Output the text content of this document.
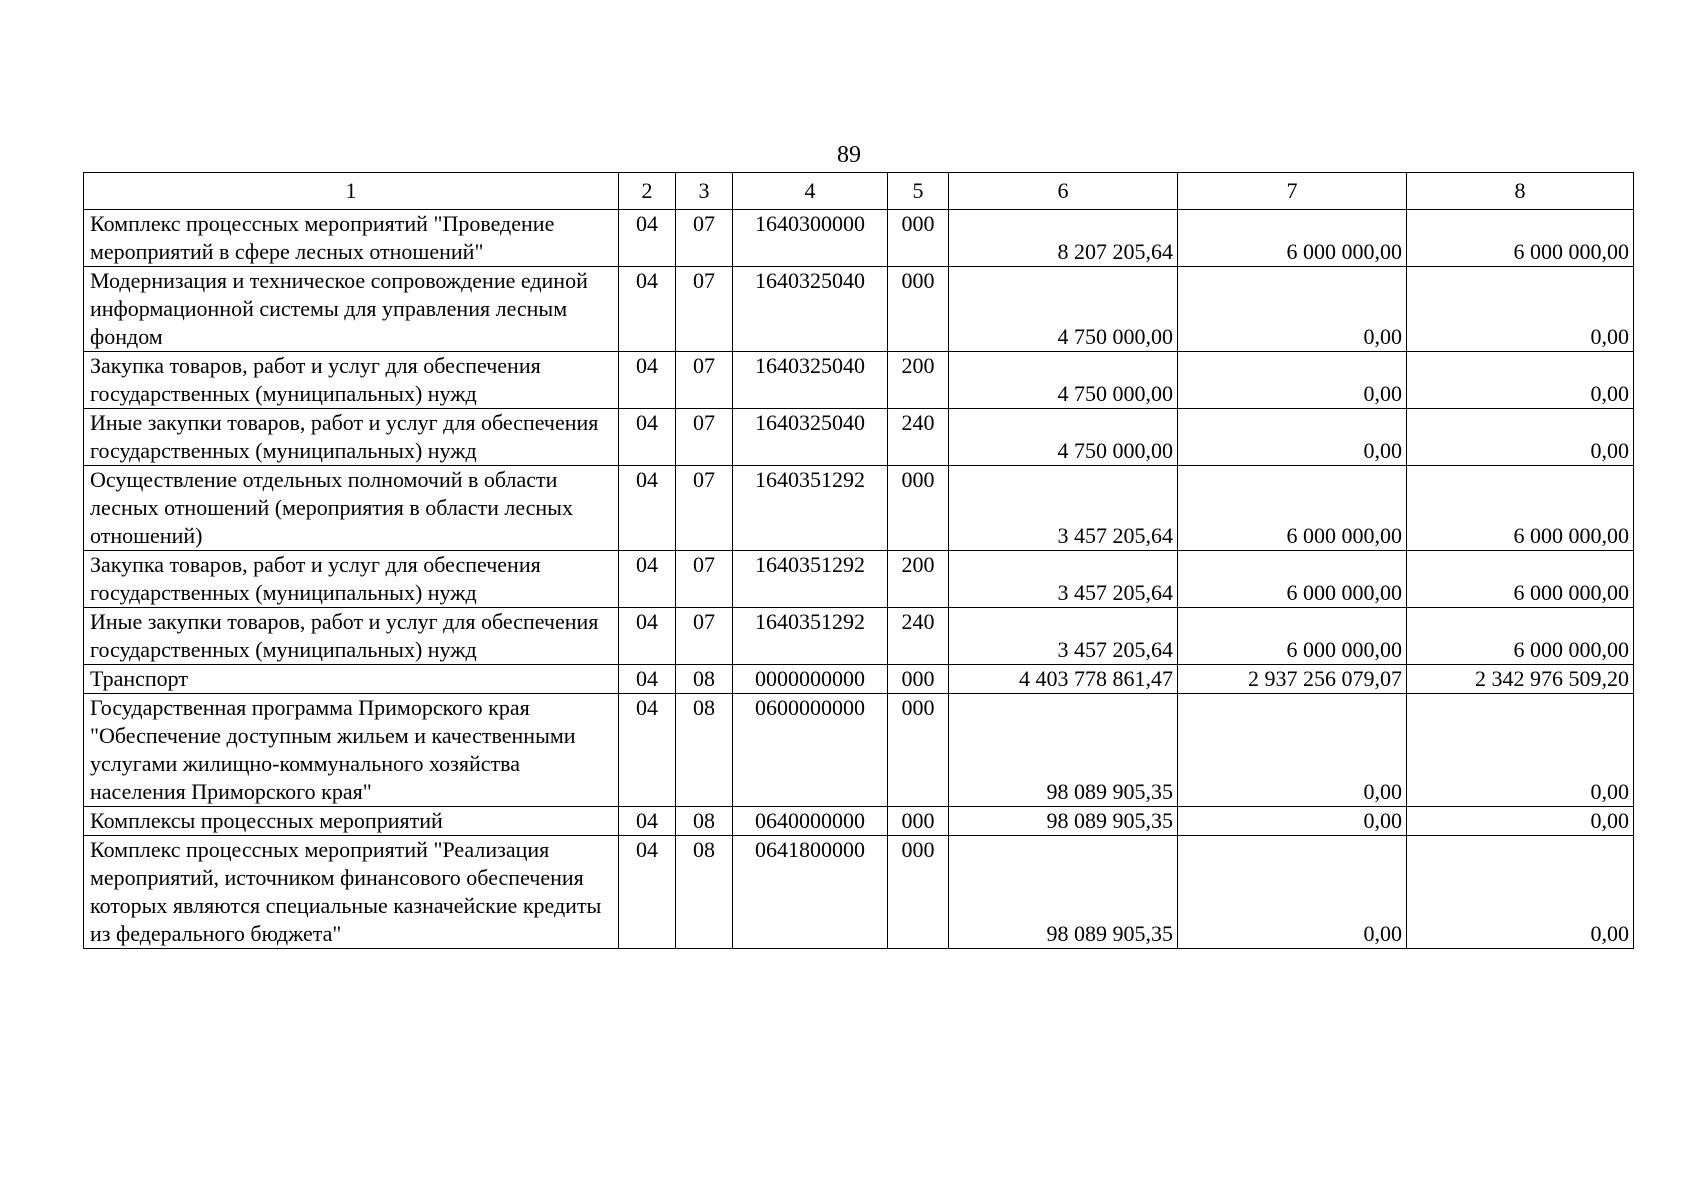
89
1	2	3	4	5	6	7	8
Комплекс процессных мероприятий "Проведение мероприятий в сфере лесных отношений"	04	07	1640300000	000	8 207 205,64	6 000 000,00	6 000 000,00
Модернизация и техническое сопровождение единой информационной системы для управления лесным фондом	04	07	1640325040	000	4 750 000,00	0,00	0,00
Закупка товаров, работ и услуг для обеспечения государственных (муниципальных) нужд	04	07	1640325040	200	4 750 000,00	0,00	0,00
Иные закупки товаров, работ и услуг для обеспечения государственных (муниципальных) нужд	04	07	1640325040	240	4 750 000,00	0,00	0,00
Осуществление отдельных полномочий в области лесных отношений (мероприятия в области лесных отношений)	04	07	1640351292	000	3 457 205,64	6 000 000,00	6 000 000,00
Закупка товаров, работ и услуг для обеспечения государственных (муниципальных) нужд	04	07	1640351292	200	3 457 205,64	6 000 000,00	6 000 000,00
Иные закупки товаров, работ и услуг для обеспечения государственных (муниципальных) нужд	04	07	1640351292	240	3 457 205,64	6 000 000,00	6 000 000,00
Транспорт	04	08	0000000000	000	4 403 778 861,47	2 937 256 079,07	2 342 976 509,20
Государственная программа Приморского края "Обеспечение доступным жильем и качественными услугами жилищно-коммунального хозяйства населения Приморского края"	04	08	0600000000	000	98 089 905,35	0,00	0,00
Комплексы процессных мероприятий	04	08	0640000000	000	98 089 905,35	0,00	0,00
Комплекс процессных мероприятий "Реализация мероприятий, источником финансового обеспечения которых являются специальные казначейские кредиты из федерального бюджета"	04	08	0641800000	000	98 089 905,35	0,00	0,00
